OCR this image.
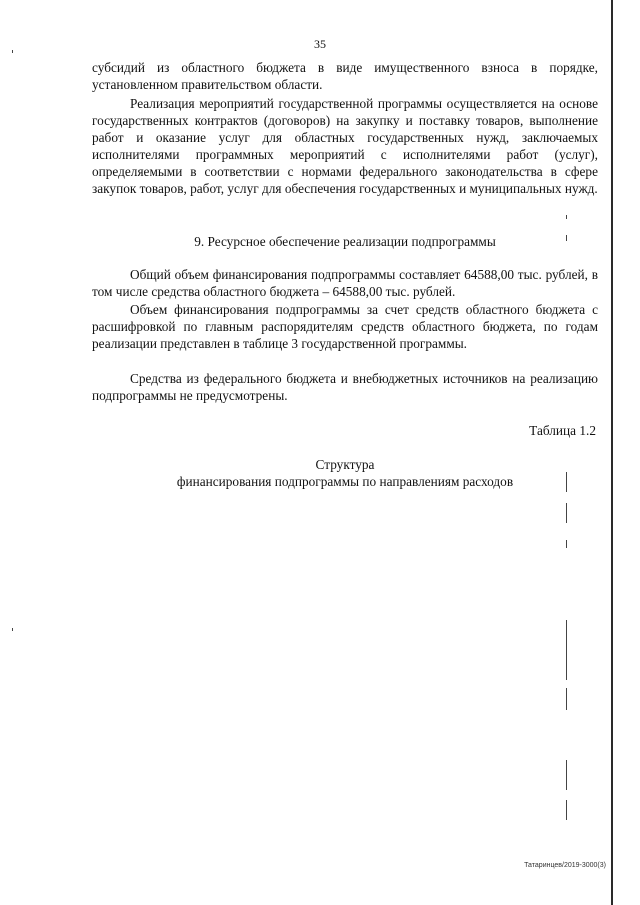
35

субсидий из областного бюджета в виде имущественного взноса в порядке, установленном правительством области.

Реализация мероприятий государственной программы осуществляется на основе государственных контрактов (договоров) на закупку и поставку товаров, выполнение работ и оказание услуг для областных государственных нужд, заключаемых исполнителями программных мероприятий с исполнителями работ (услуг), определяемыми в соответствии с нормами федерального законодательства в сфере закупок товаров, работ, услуг для обеспечения государственных и муниципальных нужд.

9. Ресурсное обеспечение реализации подпрограммы

Общий объем финансирования подпрограммы составляет 64588,00 тыс. рублей, в том числе средства областного бюджета – 64588,00 тыс. рублей.

Объем финансирования подпрограммы за счет средств областного бюджета с расшифровкой по главным распорядителям средств областного бюджета, по годам реализации представлен в таблице 3 государственной программы.

Средства из федерального бюджета и внебюджетных источников на реализацию подпрограммы не предусмотрены.

Таблица 1.2

Структура

финансирования подпрограммы по направлениям расходов

Татаринцев/2019-3000(3)
